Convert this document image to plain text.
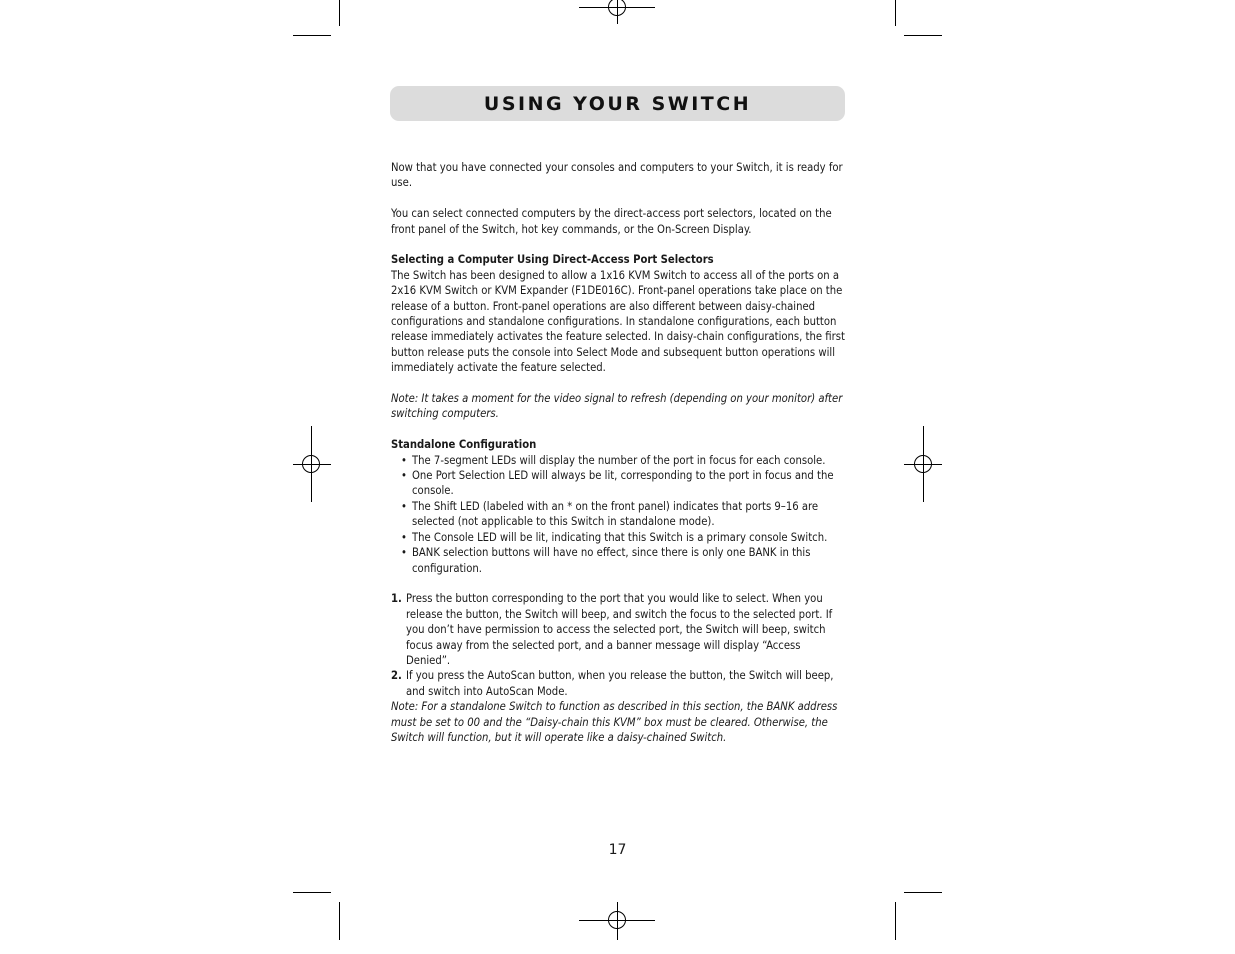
USING YOUR SWITCH

Now that you have connected your consoles and computers to your Switch, it is ready for use.

You can select connected computers by the direct-access port selectors, located on the front panel of the Switch, hot key commands, or the On-Screen Display.

Selecting a Computer Using Direct-Access Port Selectors

The Switch has been designed to allow a 1x16 KVM Switch to access all of the ports on a 2x16 KVM Switch or KVM Expander (F1DE016C). Front-panel operations take place on the release of a button. Front-panel operations are also different between daisy-chained configurations and standalone configurations. In standalone configurations, each button release immediately activates the feature selected. In daisy-chain configurations, the first button release puts the console into Select Mode and subsequent button operations will immediately activate the feature selected.

Note: It takes a moment for the video signal to refresh (depending on your monitor) after switching computers.

Standalone Configuration

• The 7-segment LEDs will display the number of the port in focus for each console.
• One Port Selection LED will always be lit, corresponding to the port in focus and the console.
• The Shift LED (labeled with an * on the front panel) indicates that ports 9–16 are selected (not applicable to this Switch in standalone mode).
• The Console LED will be lit, indicating that this Switch is a primary console Switch.
• BANK selection buttons will have no effect, since there is only one BANK in this configuration.
1. Press the button corresponding to the port that you would like to select. When you release the button, the Switch will beep, and switch the focus to the selected port. If you don’t have permission to access the selected port, the Switch will beep, switch focus away from the selected port, and a banner message will display “Access Denied”.
2. If you press the AutoScan button, when you release the button, the Switch will beep, and switch into AutoScan Mode.

Note: For a standalone Switch to function as described in this section, the BANK address must be set to 00 and the “Daisy-chain this KVM” box must be cleared. Otherwise, the Switch will function, but it will operate like a daisy-chained Switch.

17
